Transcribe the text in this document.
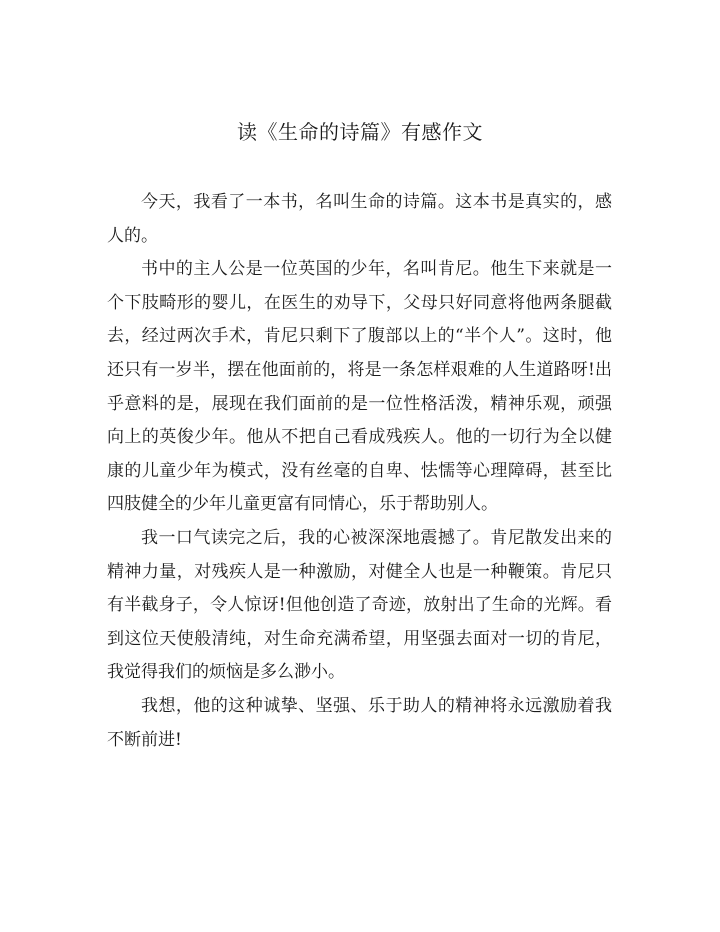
读《生命的诗篇》有感作文

今天，我看了一本书，名叫生命的诗篇。这本书是真实的，感人的。

书中的主人公是一位英国的少年，名叫肯尼。他生下来就是一个下肢畸形的婴儿，在医生的劝导下，父母只好同意将他两条腿截去，经过两次手术，肯尼只剩下了腹部以上的“半个人”。这时，他还只有一岁半，摆在他面前的，将是一条怎样艰难的人生道路呀!出乎意料的是，展现在我们面前的是一位性格活泼，精神乐观，顽强向上的英俊少年。他从不把自己看成残疾人。他的一切行为全以健康的儿童少年为模式，没有丝毫的自卑、怯懦等心理障碍，甚至比四肢健全的少年儿童更富有同情心，乐于帮助别人。

我一口气读完之后，我的心被深深地震撼了。肯尼散发出来的精神力量，对残疾人是一种激励，对健全人也是一种鞭策。肯尼只有半截身子，令人惊讶!但他创造了奇迹，放射出了生命的光辉。看到这位天使般清纯，对生命充满希望，用坚强去面对一切的肯尼，我觉得我们的烦恼是多么渺小。

我想，他的这种诚挚、坚强、乐于助人的精神将永远激励着我不断前进!
